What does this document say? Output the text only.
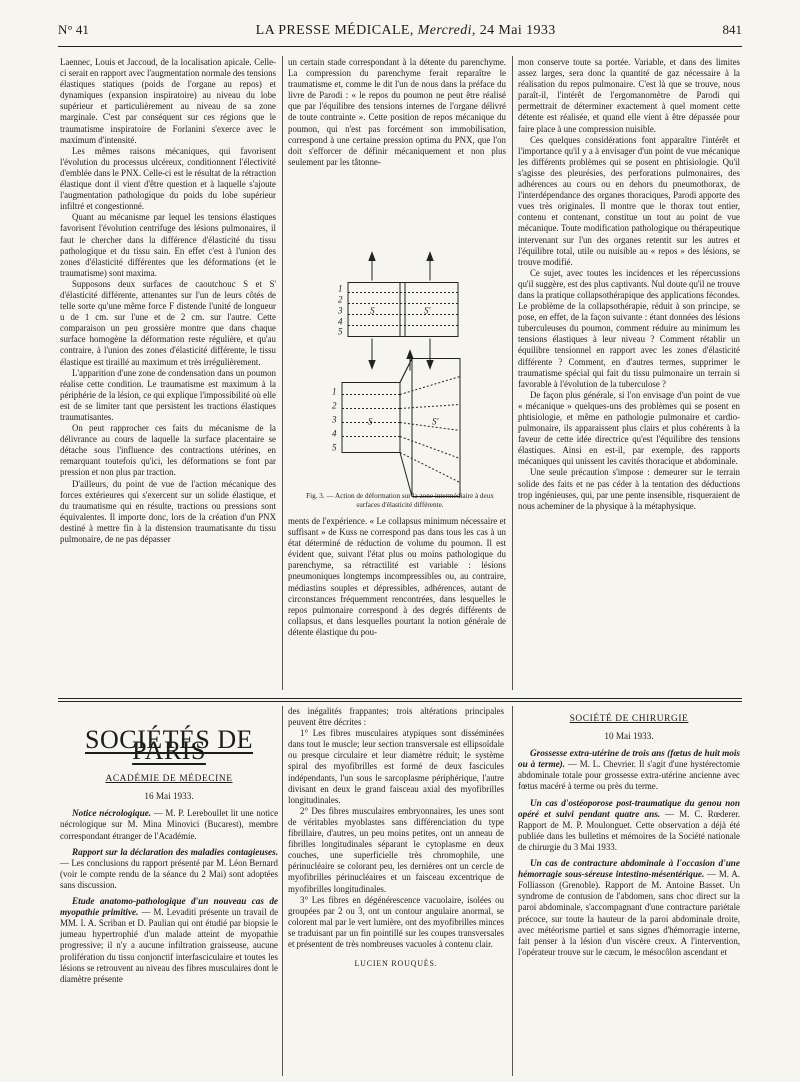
N° 41	LA PRESSE MÉDICALE, Mercredi, 24 Mai 1933	841

Laennec, Louis et Jaccoud, de la localisation apicale. Celle-ci serait en rapport avec l'augmentation normale des tensions élastiques statiques (poids de l'organe au repos) et dynamiques (expansion inspiratoire) au niveau du lobe supérieur et particulièrement au niveau de sa zone marginale. C'est par conséquent sur ces régions que le traumatisme inspiratoire de Forlanini s'exerce avec le maximum d'intensité.

Les mêmes raisons mécaniques, qui favorisent l'évolution du processus ulcéreux, conditionnent l'électivité d'emblée dans le PNX. Celle-ci est le résultat de la rétraction élastique dont il vient d'être question et à laquelle s'ajoute l'augmentation pathologique du poids du lobe supérieur infiltré et congestionné.

Quant au mécanisme par lequel les tensions élastiques favorisent l'évolution centrifuge des lésions pulmonaires, il faut le chercher dans la différence d'élasticité du tissu pathologique et du tissu sain. En effet c'est à l'union des zones d'élasticité différentes que les déformations (et le traumatisme) sont maxima.

Supposons deux surfaces de caoutchouc S et S' d'élasticité différente, attenantes sur l'un de leurs côtés de telle sorte qu'une même force F distende l'unité de longueur u de 1 cm. sur l'une et de 2 cm. sur l'autre. Cette comparaison un peu grossière montre que dans chaque surface homogène la déformation reste régulière, et qu'au contraire, à l'union des zones d'élasticité différente, le tissu élastique est tiraillé au maximum et très irrégulièrement.

L'apparition d'une zone de condensation dans un poumon réalise cette condition. Le traumatisme est maximum à la périphérie de la lésion, ce qui explique l'impossibilité où elle est de se limiter tant que persistent les tractions élastiques traumatisantes.

On peut rapprocher ces faits du mécanisme de la délivrance au cours de laquelle la surface placentaire se détache sous l'influence des contractions utérines, en remarquant toutefois qu'ici, les déformations se font par pression et non plus par traction.

D'ailleurs, du point de vue de l'action mécanique des forces extérieures qui s'exercent sur un solide élastique, et du traumatisme qui en résulte, tractions ou pressions sont équivalentes. Il importe donc, lors de la création d'un PNX destiné à mettre fin à la distension traumatisante du tissu pulmonaire, de ne pas dépasser

un certain stade correspondant à la détente du parenchyme. La compression du parenchyme ferait reparaître le traumatisme et, comme le dit l'un de nous dans la préface du livre de Parodi : « le repos du poumon ne peut être réalisé que par l'équilibre des tensions internes de l'organe délivré de toute contrainte ». Cette position de repos mécanique du poumon, qui n'est pas forcément son immobilisation, correspond à une certaine pression optima du PNX, que l'on doit s'efforcer de définir mécaniquement et non plus seulement par les tâtonne-

1
2
3
4
5
S	S'
1
2
3
4
5
S	S'
Fig. 3. — Action de déformation sur la zone intermédiaire à deux surfaces d'élasticité différente.

ments de l'expérience. « Le collapsus minimum nécessaire et suffisant » de Kuss ne correspond pas dans tous les cas à un état déterminé de réduction de volume du poumon. Il est évident que, suivant l'état plus ou moins pathologique du parenchyme, sa rétractilité est variable : lésions pneumoniques longtemps incompressibles ou, au contraire, médiastins souples et dépressibles, adhérences, autant de circonstances fréquemment rencontrées, dans lesquelles le repos pulmonaire correspond à des degrés différents de collapsus, et dans lesquelles pourtant la notion générale de détente élastique du pou-

mon conserve toute sa portée. Variable, et dans des limites assez larges, sera donc la quantité de gaz nécessaire à la réalisation du repos pulmonaire. C'est là que se trouve, nous paraît-il, l'intérêt de l'ergomanomètre de Parodi qui permettrait de déterminer exactement à quel moment cette détente est réalisée, et quand elle vient à être dépassée pour faire place à une compression nuisible.

Ces quelques considérations font apparaître l'intérêt et l'importance qu'il y a à envisager d'un point de vue mécanique les différents problèmes qui se posent en phtisiologie. Qu'il s'agisse des pleurésies, des perforations pulmonaires, des adhérences au cours ou en dehors du pneumothorax, de l'interdépendance des organes thoraciques, Parodi apporte des vues très originales. Il montre que le thorax tout entier, contenu et contenant, constitue un tout au point de vue mécanique. Toute modification pathologique ou thérapeutique intervenant sur l'un des organes retentit sur les autres et l'équilibre total, utile ou nuisible au « repos » des lésions, se trouve modifié.

Ce sujet, avec toutes les incidences et les répercussions qu'il suggère, est des plus captivants. Nul doute qu'il ne trouve dans la pratique collapsothérapique des applications fécondes. Le problème de la collapsothérapie, réduit à son principe, se pose, en effet, de la façon suivante : étant données des lésions tuberculeuses du poumon, comment réduire au minimum les tensions élastiques à leur niveau ? Comment rétablir un équilibre tensionnel en rapport avec les zones d'élasticité différente ? Comment, en d'autres termes, supprimer le traumatisme spécial qui fait du tissu pulmonaire un terrain si favorable à l'évolution de la tuberculose ?

De façon plus générale, si l'on envisage d'un point de vue « mécanique » quelques-uns des problèmes qui se posent en phtisiologie, et même en pathologie pulmonaire et cardio-pulmonaire, ils apparaissent plus clairs et plus cohérents à la faveur de cette idée directrice qu'est l'équilibre des tensions élastiques. Ainsi en est-il, par exemple, des rapports mécaniques qui unissent les cavités thoracique et abdominale.

Une seule précaution s'impose : demeurer sur le terrain solide des faits et ne pas céder à la tentation des déductions trop ingénieuses, qui, par une pente insensible, risqueraient de nous acheminer de la physique à la métaphysique.

SOCIÉTÉS DE PARIS
ACADÉMIE DE MÉDECINE
16 Mai 1933.

Notice nécrologique. — M. P. Lereboullet lit une notice nécrologique sur M. Mina Minovici (Bucarest), membre correspondant étranger de l'Académie.

Rapport sur la déclaration des maladies contagieuses. — Les conclusions du rapport présenté par M. Léon Bernard (voir le compte rendu de la séance du 2 Mai) sont adoptées sans discussion.

Etude anatomo-pathologique d'un nouveau cas de myopathie primitive. — M. Levaditi présente un travail de MM. I. A. Scriban et D. Paulian qui ont étudié par biopsie le jumeau hypertrophié d'un malade atteint de myopathie progressive; il n'y a aucune infiltration graisseuse, aucune prolifération du tissu conjonctif interfasciculaire et toutes les lésions se retrouvent au niveau des fibres musculaires dont le diamètre présente

des inégalités frappantes; trois altérations principales peuvent être décrites :

1° Les fibres musculaires atypiques sont disséminées dans tout le muscle; leur section transversale est ellipsoïdale ou presque circulaire et leur diamètre réduit; le système spiral des myofibrilles est formé de deux fascicules indépendants, l'un sous le sarcoplasme périphérique, l'autre divisant en deux le grand faisceau axial des myofibrilles longitudinales.

2° Des fibres musculaires embryonnaires, les unes sont de véritables myoblastes sans différenciation du type fibrillaire, d'autres, un peu moins petites, ont un anneau de fibrilles longitudinales séparant le cytoplasme en deux couches, une superficielle très chromophile, une périnucléaire se colorant peu, les dernières ont un cercle de myofibrilles périnucléaires et un faisceau excentrique de myofibrilles longitudinales.

3° Les fibres en dégénérescence vacuolaire, isolées ou groupées par 2 ou 3, ont un contour angulaire anormal, se colorent mal par le vert lumière, ont des myofibrilles minces se traduisant par un fin pointillé sur les coupes transversales et présentent de très nombreuses vacuoles à contenu clair.

LUCIEN ROUQUÈS.
SOCIÉTÉ DE CHIRURGIE
10 Mai 1933.

Grossesse extra-utérine de trois ans (fœtus de huit mois ou à terme). — M. L. Chevrier. Il s'agit d'une hystérectomie abdominale totale pour grossesse extra-utérine ancienne avec fœtus macéré à terme ou près du terme.

Un cas d'ostéoporose post-traumatique du genou non opéré et suivi pendant quatre ans. — M. C. Rœderer. Rapport de M. P. Moulonguet. Cette observation a déjà été publiée dans les bulletins et mémoires de la Société nationale de chirurgie du 3 Mai 1933.

Un cas de contracture abdominale à l'occasion d'une hémorragie sous-séreuse intestino-mésentérique. — M. A. Folliasson (Grenoble). Rapport de M. Antoine Basset. Un syndrome de contusion de l'abdomen, sans choc direct sur la paroi abdominale, s'accompagnant d'une contracture pariétale précoce, sur toute la hauteur de la paroi abdominale droite, avec météorisme partiel et sans signes d'hémorragie interne, fait penser à la lésion d'un viscère creux. A l'intervention, l'opérateur trouve sur le cæcum, le mésocôlon ascendant et
